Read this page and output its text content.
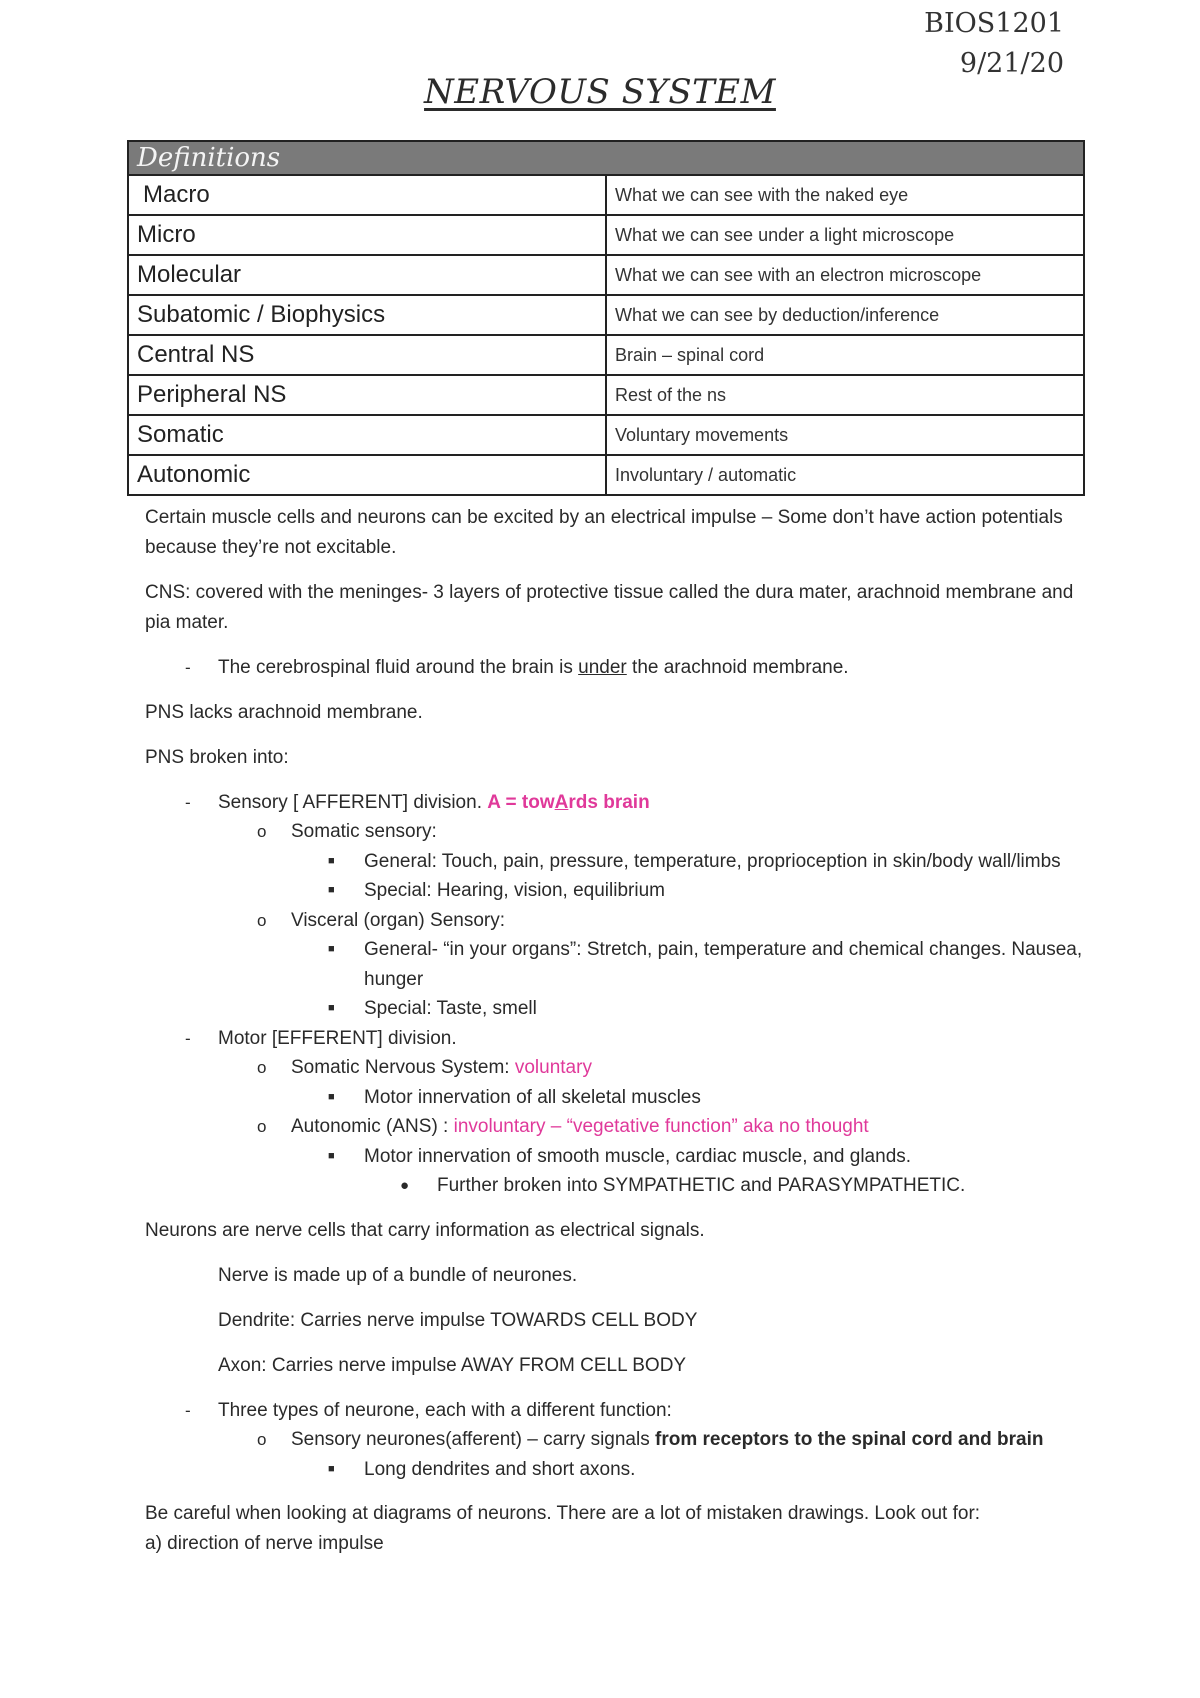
BIOS1201
9/21/20
NERVOUS SYSTEM
Definitions	
Macro	What we can see with the naked eye
Micro	What we can see under a light microscope
Molecular	What we can see with an electron microscope
Subatomic / Biophysics	What we can see by deduction/inference
Central NS	Brain – spinal cord
Peripheral NS	Rest of the ns
Somatic	Voluntary movements
Autonomic	Involuntary / automatic

Certain muscle cells and neurons can be excited by an electrical impulse – Some don’t have action potentials because they’re not excitable.

CNS: covered with the meninges- 3 layers of protective tissue called the dura mater, arachnoid membrane and pia mater.

- The cerebrospinal fluid around the brain is under the arachnoid membrane.

PNS lacks arachnoid membrane.

PNS broken into:

- Sensory [ AFFERENT] division. A = towArds brain
o Somatic sensory:
■ General: Touch, pain, pressure, temperature, proprioception in skin/body wall/limbs
■ Special: Hearing, vision, equilibrium
o Visceral (organ) Sensory:
■ General- “in your organs”: Stretch, pain, temperature and chemical changes. Nausea, hunger
■ Special: Taste, smell
- Motor [EFFERENT] division.
o Somatic Nervous System: voluntary
■ Motor innervation of all skeletal muscles
o Autonomic (ANS) : involuntary – “vegetative function” aka no thought
■ Motor innervation of smooth muscle, cardiac muscle, and glands.
● Further broken into SYMPATHETIC and PARASYMPATHETIC.

Neurons are nerve cells that carry information as electrical signals.

Nerve is made up of a bundle of neurones.

Dendrite: Carries nerve impulse TOWARDS CELL BODY

Axon: Carries nerve impulse AWAY FROM CELL BODY

- Three types of neurone, each with a different function:
o Sensory neurones(afferent) – carry signals from receptors to the spinal cord and brain
■ Long dendrites and short axons.
Be careful when looking at diagrams of neurons. There are a lot of mistaken drawings. Look out for:
a) direction of nerve impulse
